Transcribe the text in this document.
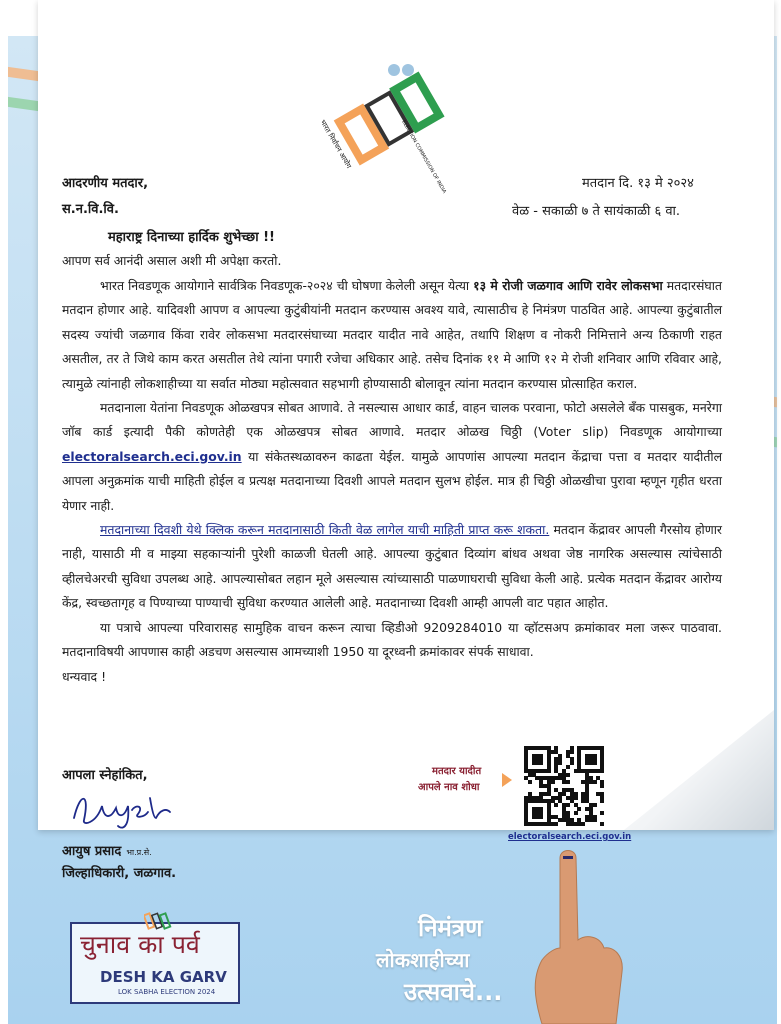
भारत निर्वाचन आयोग	ELECTION COMMISSION OF INDIA
आदरणीय मतदार,
स.न.वि.वि.
मतदान दि. १३ मे २०२४
वेळ - सकाळी ७ ते सायंकाळी ६ वा.
महाराष्ट्र दिनाच्या हार्दिक शुभेच्छा !!
आपण सर्व आनंदी असाल अशी मी अपेक्षा करतो.

भारत निवडणूक आयोगाने सार्वत्रिक निवडणूक-२०२४ ची घोषणा केलेली असून येत्या १३ मे रोजी जळगाव आणि रावेर लोकसभा मतदारसंघात मतदान होणार आहे. यादिवशी आपण व आपल्या कुटुंबीयांनी मतदान करण्यास अवश्य यावे, त्यासाठीच हे निमंत्रण पाठवित आहे. आपल्या कुटुंबातील सदस्य ज्यांची जळगाव किंवा रावेर लोकसभा मतदारसंघाच्या मतदार यादीत नावे आहेत, तथापि शिक्षण व नोकरी निमित्ताने अन्य ठिकाणी राहत असतील, तर ते जिथे काम करत असतील तेथे त्यांना पगारी रजेचा अधिकार आहे. तसेच दिनांक ११ मे आणि १२ मे रोजी शनिवार आणि रविवार आहे, त्यामुळे त्यांनाही लोकशाहीच्या या सर्वात मोठ्या महोत्सवात सहभागी होण्यासाठी बोलावून त्यांना मतदान करण्यास प्रोत्साहित कराल.

मतदानाला येतांना निवडणूक ओळखपत्र सोबत आणावे. ते नसल्यास आधार कार्ड, वाहन चालक परवाना, फोटो असलेले बँक पासबुक, मनरेगा जॉब कार्ड इत्यादी पैकी कोणतेही एक ओळखपत्र सोबत आणावे. मतदार ओळख चिठ्ठी (Voter slip) निवडणूक आयोगाच्या electoralsearch.eci.gov.in या संकेतस्थळावरुन काढता येईल. यामुळे आपणांस आपल्या मतदान केंद्राचा पत्ता व मतदार यादीतील आपला अनुक्रमांक याची माहिती होईल व प्रत्यक्ष मतदानाच्या दिवशी आपले मतदान सुलभ होईल. मात्र ही चिठ्ठी ओळखीचा पुरावा म्हणून गृहीत धरता येणार नाही.

मतदानाच्या दिवशी येथे क्लिक करून मतदानासाठी किती वेळ लागेल याची माहिती प्राप्त करू शकता. मतदान केंद्रावर आपली गैरसोय होणार नाही, यासाठी मी व माझ्या सहकाऱ्यांनी पुरेशी काळजी घेतली आहे. आपल्या कुटुंबात दिव्यांग बांधव अथवा जेष्ठ नागरिक असल्यास त्यांचेसाठी व्हीलचेअरची सुविधा उपलब्ध आहे. आपल्यासोबत लहान मूले असल्यास त्यांच्यासाठी पाळणाघराची सुविधा केली आहे. प्रत्येक मतदान केंद्रावर आरोग्य केंद्र, स्वच्छतागृह व पिण्याच्या पाण्याची सुविधा करण्यात आलेली आहे. मतदानाच्या दिवशी आम्ही आपली वाट पहात आहोत.

या पत्राचे आपल्या परिवारासह सामुहिक वाचन करून त्याचा व्हिडीओ 9209284010 या व्हॉटसअप क्रमांकावर मला जरूर पाठवावा. मतदानाविषयी आपणास काही अडचण असल्यास आमच्याशी 1950 या दूरध्वनी क्रमांकावर संपर्क साधावा.

धन्यवाद !

आपला स्नेहांकित,
आयुष प्रसाद भा.प्र.से.
जिल्हाधिकारी, जळगाव.
मतदार यादीत
आपले नाव शोधा
electoralsearch.eci.gov.in
चुनाव का पर्व
DESH KA GARV
LOK SABHA ELECTION 2024
निमंत्रण
लोकशाहीच्या
उत्सवाचे...
